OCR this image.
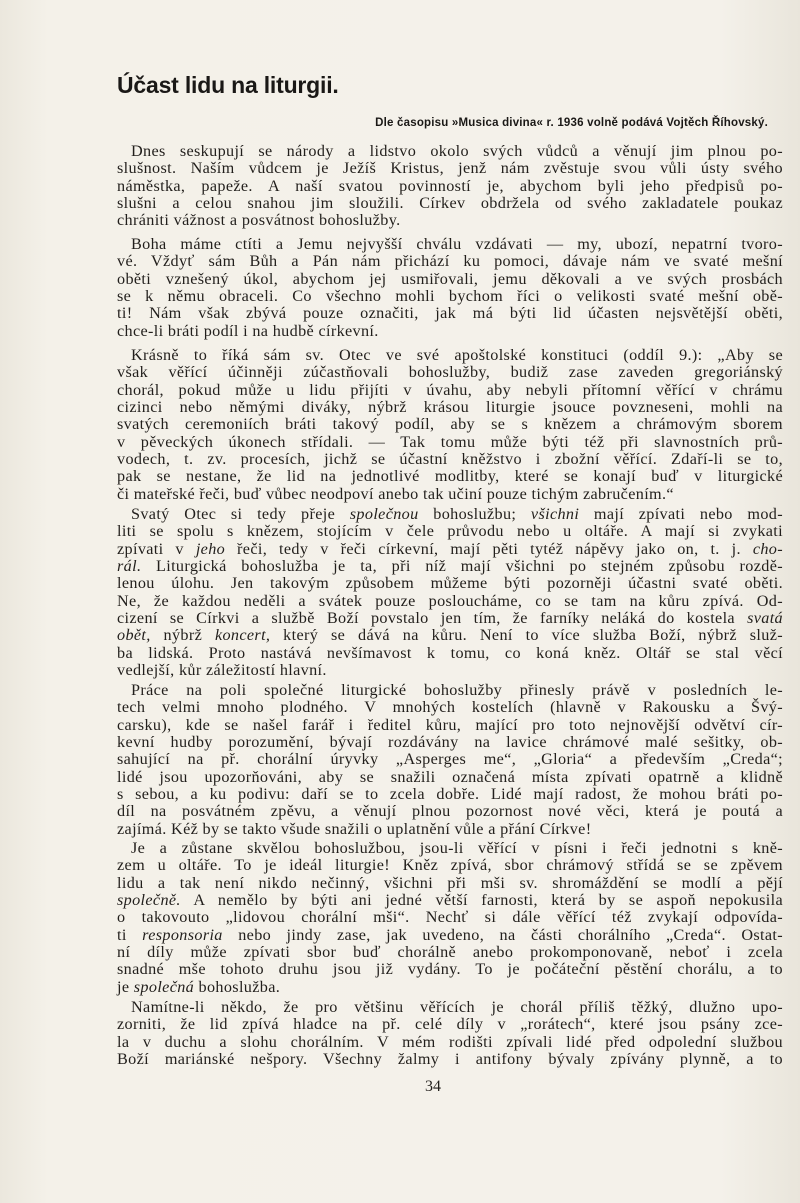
Účast lidu na liturgii.
Dle časopisu »Musica divina« r. 1936 volně podává Vojtěch Říhovský.
Dnes seskupují se národy a lidstvo okolo svých vůdců a věnují jim plnou po-
slušnost. Naším vůdcem je Ježíš Kristus, jenž nám zvěstuje svou vůli ústy svého
náměstka, papeže. A naší svatou povinností je, abychom byli jeho předpisů po-
slušni a celou snahou jim sloužili. Církev obdržela od svého zakladatele poukaz
chrániti vážnost a posvátnost bohoslužby.
Boha máme ctíti a Jemu nejvyšší chválu vzdávati — my, ubozí, nepatrní tvoro-
vé. Vždyť sám Bůh a Pán nám přichází ku pomoci, dávaje nám ve svaté mešní
oběti vznešený úkol, abychom jej usmiřovali, jemu děkovali a ve svých prosbách
se k němu obraceli. Co všechno mohli bychom říci o velikosti svaté mešní obě-
ti! Nám však zbývá pouze označiti, jak má býti lid účasten nejsvětější oběti,
chce-li bráti podíl i na hudbě církevní.
Krásně to říká sám sv. Otec ve své apoštolské konstituci (oddíl 9.): „Aby se
však věřící účinněji zúčastňovali bohoslužby, budiž zase zaveden gregoriánský
chorál, pokud může u lidu přijíti v úvahu, aby nebyli přítomní věřící v chrámu
cizinci nebo němými diváky, nýbrž krásou liturgie jsouce povzneseni, mohli na
svatých ceremoniích bráti takový podíl, aby se s knězem a chrámovým sborem
v pěveckých úkonech střídali. — Tak tomu může býti též při slavnostních prů-
vodech, t. zv. procesích, jichž se účastní kněžstvo i zbožní věřící. Zdaří-li se to,
pak se nestane, že lid na jednotlivé modlitby, které se konají buď v liturgické
či mateřské řeči, buď vůbec neodpoví anebo tak učiní pouze tichým zabručením.“
Svatý Otec si tedy přeje společnou bohoslužbu; všichni mají zpívati nebo mod-
liti se spolu s knězem, stojícím v čele průvodu nebo u oltáře. A mají si zvykati
zpívati v jeho řeči, tedy v řeči církevní, mají pěti tytéž nápěvy jako on, t. j. cho-
rál. Liturgická bohoslužba je ta, při níž mají všichni po stejném způsobu rozdě-
lenou úlohu. Jen takovým způsobem můžeme býti pozorněji účastni svaté oběti.
Ne, že každou neděli a svátek pouze posloucháme, co se tam na kůru zpívá. Od-
cizení se Církvi a službě Boží povstalo jen tím, že farníky neláká do kostela svatá
obět, nýbrž koncert, který se dává na kůru. Není to více služba Boží, nýbrž služ-
ba lidská. Proto nastává nevšímavost k tomu, co koná kněz. Oltář se stal věcí
vedlejší, kůr záležitostí hlavní.
Práce na poli společné liturgické bohoslužby přinesly právě v posledních le-
tech velmi mnoho plodného. V mnohých kostelích (hlavně v Rakousku a Švý-
carsku), kde se našel farář i ředitel kůru, mající pro toto nejnovější odvětví cír-
kevní hudby porozumění, bývají rozdávány na lavice chrámové malé sešitky, ob-
sahující na př. chorální úryvky „Asperges me“, „Gloria“ a především „Creda“;
lidé jsou upozorňováni, aby se snažili označená místa zpívati opatrně a klidně
s sebou, a ku podivu: daří se to zcela dobře. Lidé mají radost, že mohou bráti po-
díl na posvátném zpěvu, a věnují plnou pozornost nové věci, která je poutá a
zajímá. Kéž by se takto všude snažili o uplatnění vůle a přání Církve!
Je a zůstane skvělou bohoslužbou, jsou-li věřící v písni i řeči jednotni s kně-
zem u oltáře. To je ideál liturgie! Kněz zpívá, sbor chrámový střídá se se zpěvem
lidu a tak není nikdo nečinný, všichni při mši sv. shromáždění se modlí a pějí
společně. A nemělo by býti ani jedné větší farnosti, která by se aspoň nepokusila
o takovouto „lidovou chorální mši“. Nechť si dále věřící též zvykají odpovída-
ti responsoria nebo jindy zase, jak uvedeno, na části chorálního „Creda“. Ostat-
ní díly může zpívati sbor buď chorálně anebo prokomponovaně, neboť i zcela
snadné mše tohoto druhu jsou již vydány. To je počáteční pěstění chorálu, a to
je společná bohoslužba.
Namítne-li někdo, že pro většinu věřících je chorál příliš těžký, dlužno upo-
zorniti, že lid zpívá hladce na př. celé díly v „rorátech“, které jsou psány zce-
la v duchu a slohu chorálním. V mém rodišti zpívali lidé před odpolední službou
Boží mariánské nešpory. Všechny žalmy i antifony bývaly zpívány plynně, a to
34
